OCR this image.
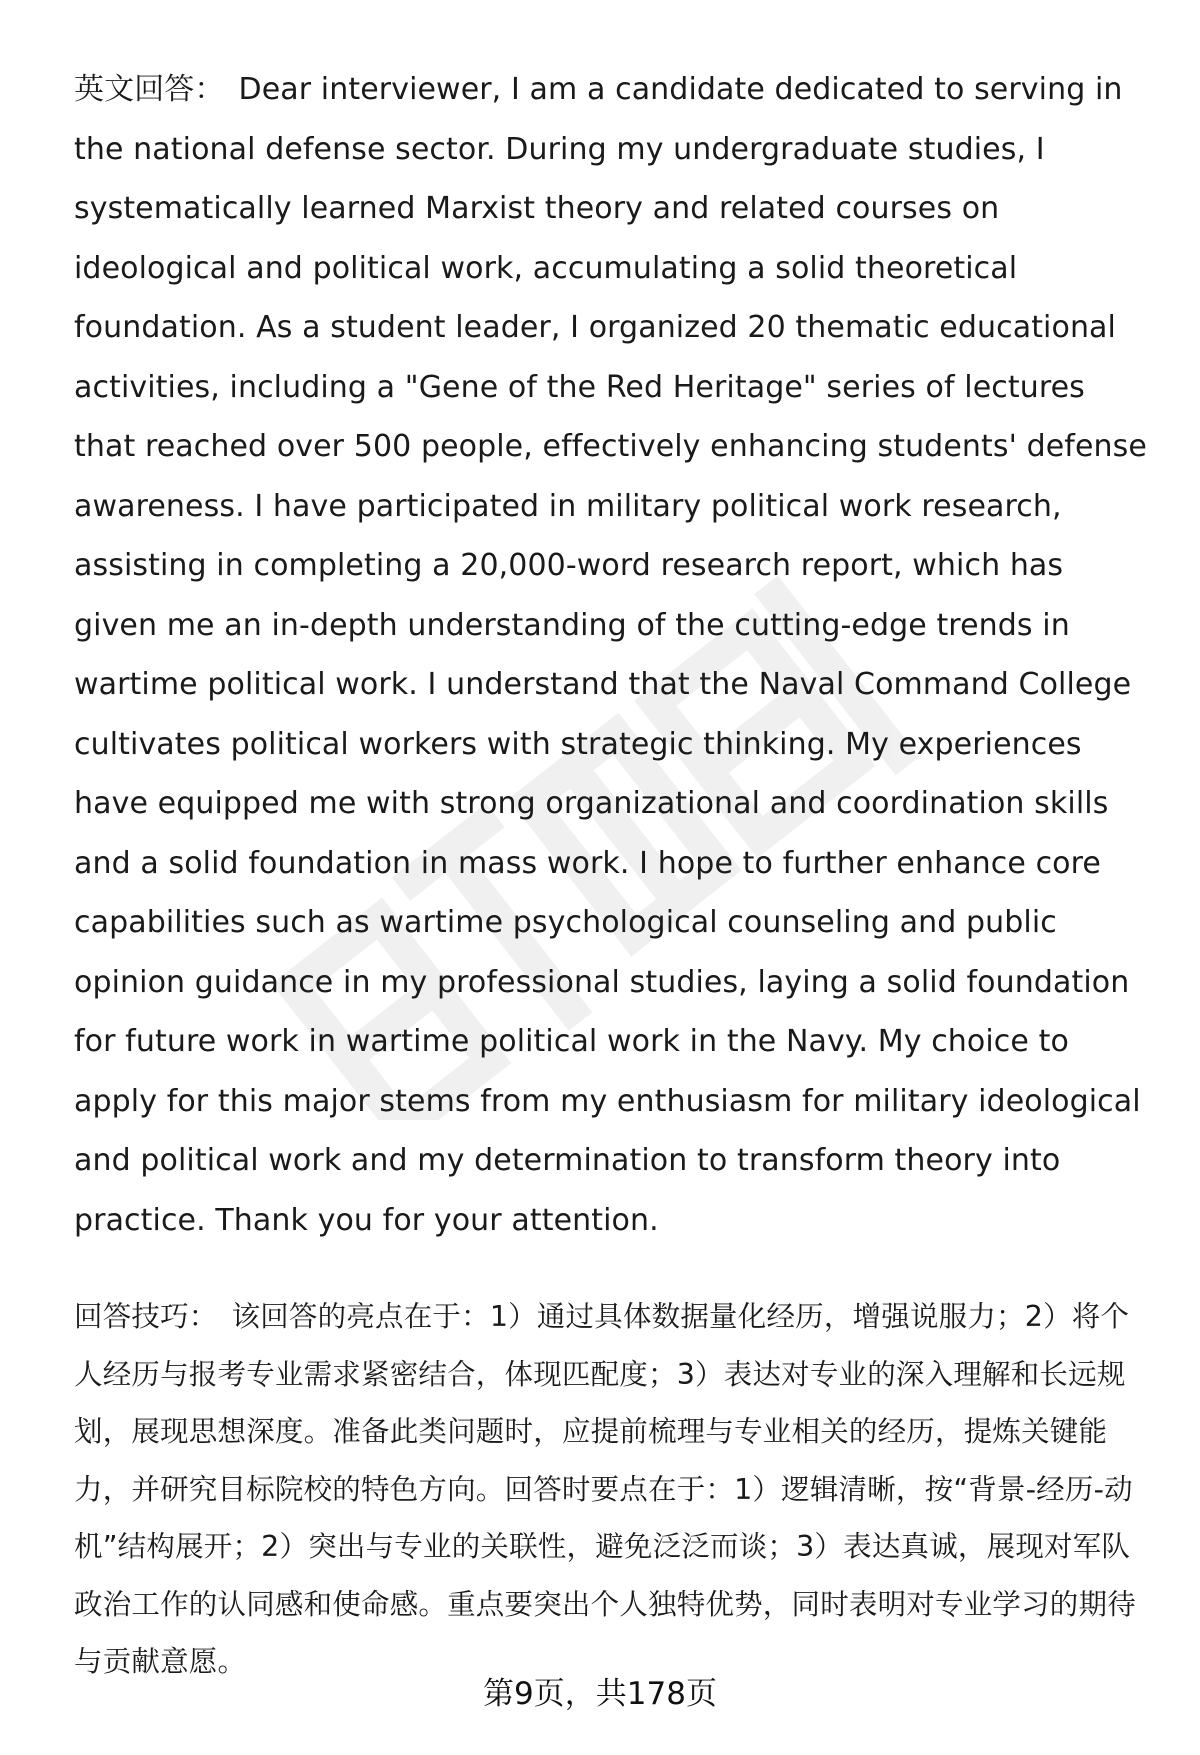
英文回答： Dear interviewer, I am a candidate dedicated to serving in the national defense sector. During my undergraduate studies, I systematically learned Marxist theory and related courses on ideological and political work, accumulating a solid theoretical foundation. As a student leader, I organized 20 thematic educational activities, including a "Gene of the Red Heritage" series of lectures that reached over 500 people, effectively enhancing students' defense awareness. I have participated in military political work research, assisting in completing a 20,000-word research report, which has given me an in-depth understanding of the cutting-edge trends in wartime political work. I understand that the Naval Command College cultivates political workers with strategic thinking. My experiences have equipped me with strong organizational and coordination skills and a solid foundation in mass work. I hope to further enhance core capabilities such as wartime psychological counseling and public opinion guidance in my professional studies, laying a solid foundation for future work in wartime political work in the Navy. My choice to apply for this major stems from my enthusiasm for military ideological and political work and my determination to transform theory into practice. Thank you for your attention.

回答技巧： 该回答的亮点在于：1）通过具体数据量化经历，增强说服力；2）将个人经历与报考专业需求紧密结合，体现匹配度；3）表达对专业的深入理解和长远规划，展现思想深度。准备此类问题时，应提前梳理与专业相关的经历，提炼关键能力，并研究目标院校的特色方向。回答时要点在于：1）逻辑清晰，按“背景-经历-动机”结构展开；2）突出与专业的关联性，避免泛泛而谈；3）表达真诚，展现对军队政治工作的认同感和使命感。重点要突出个人独特优势，同时表明对专业学习的期待与贡献意愿。

第9页，共178页
